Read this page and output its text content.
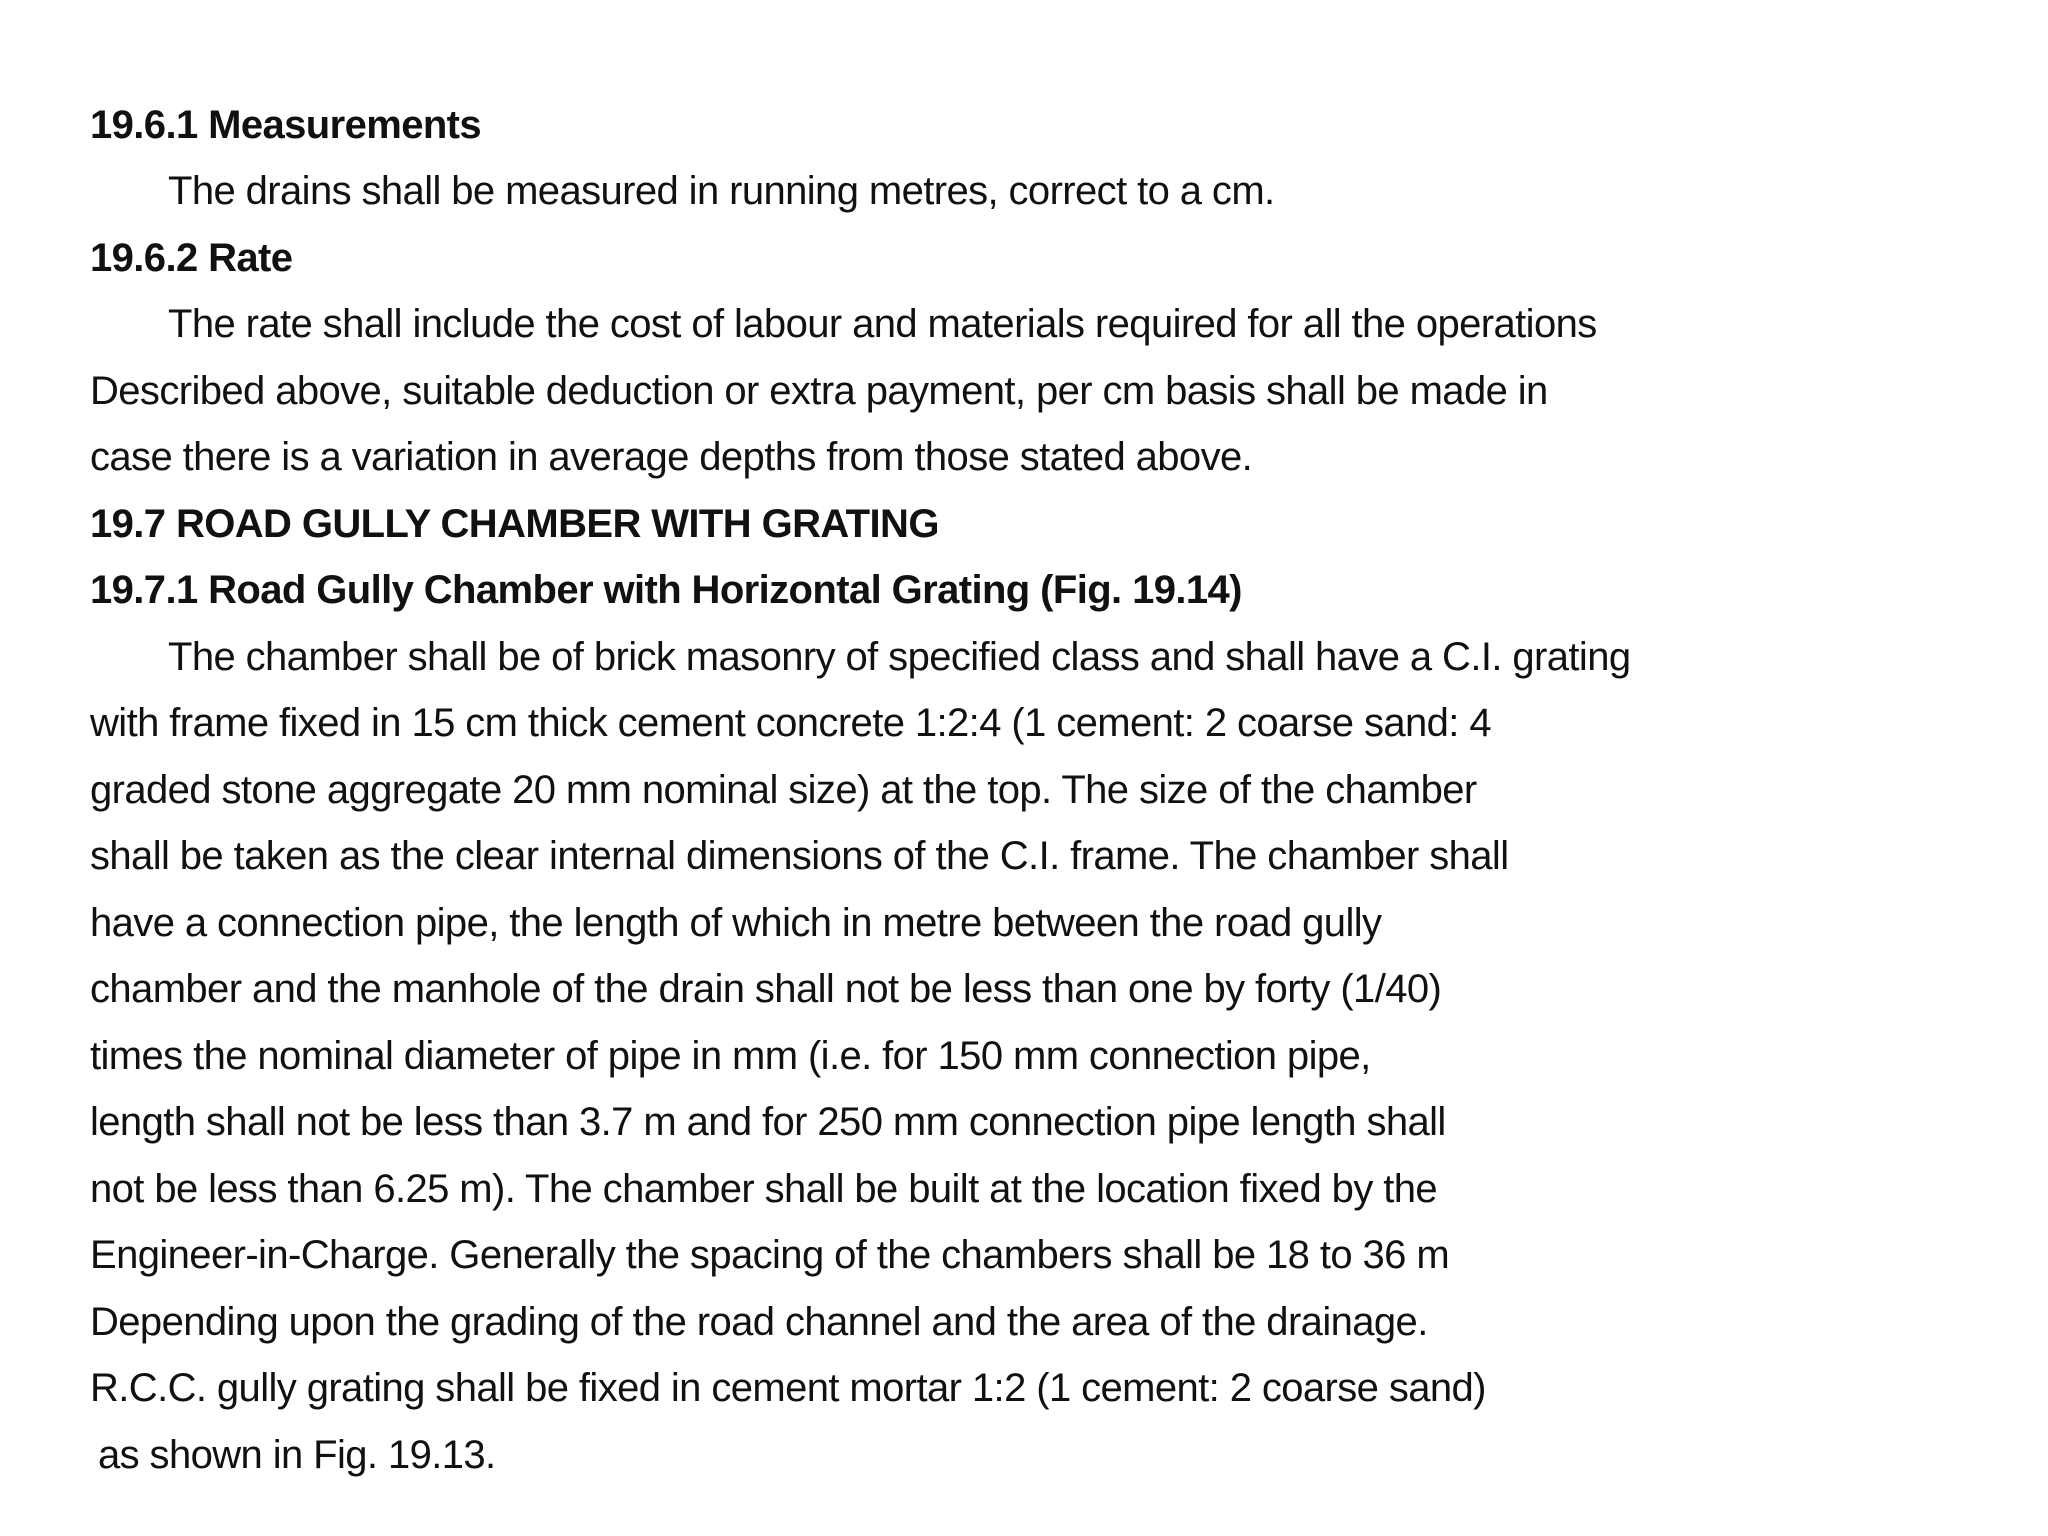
19.6.1 Measurements
The drains shall be measured in running metres, correct to a cm.
19.6.2 Rate
The rate shall include the cost of labour and materials required for all the operations
Described above, suitable deduction or extra payment, per cm basis shall be made in
case there is a variation in average depths from those stated above.
19.7 ROAD GULLY CHAMBER WITH GRATING
19.7.1 Road Gully Chamber with Horizontal Grating (Fig. 19.14)
The chamber shall be of brick masonry of specified class and shall have a C.I. grating
with frame fixed in 15 cm thick cement concrete 1:2:4 (1 cement: 2 coarse sand: 4
graded stone aggregate 20 mm nominal size) at the top. The size of the chamber
shall be taken as the clear internal dimensions of the C.I. frame. The chamber shall
have a connection pipe, the length of which in metre between the road gully
chamber and the manhole of the drain shall not be less than one by forty (1/40)
times the nominal diameter of pipe in mm (i.e. for 150 mm connection pipe,
length shall not be less than 3.7 m and for 250 mm connection pipe length shall
not be less than 6.25 m). The chamber shall be built at the location fixed by the
Engineer-in-Charge. Generally the spacing of the chambers shall be 18 to 36 m
Depending upon the grading of the road channel and the area of the drainage.
R.C.C. gully grating shall be fixed in cement mortar 1:2 (1 cement: 2 coarse sand)
as shown in Fig. 19.13.
